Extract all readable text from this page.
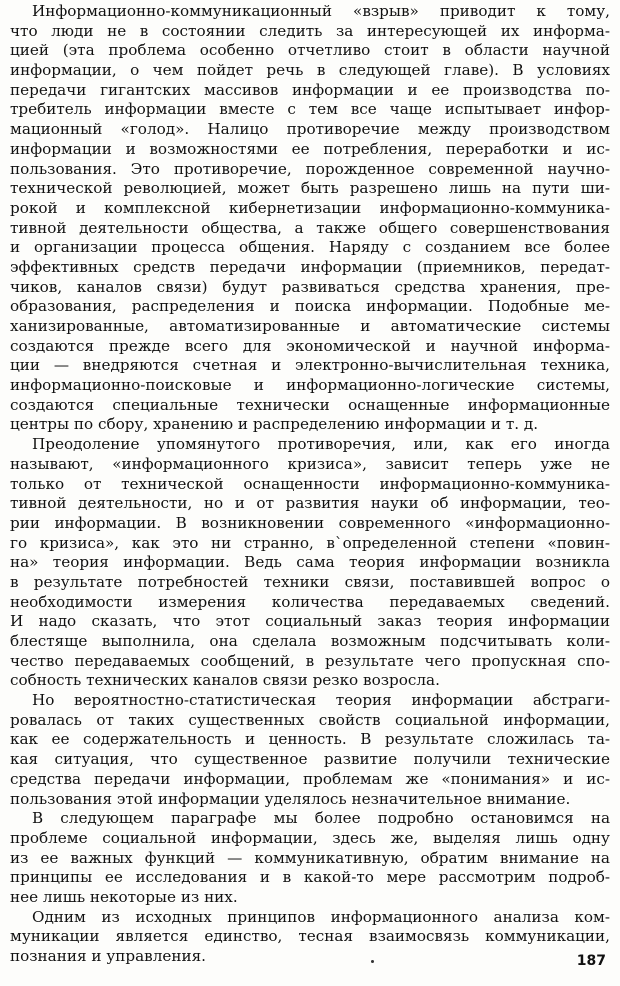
Информационно-коммуникационный «взрыв» приводит к тому,
что люди не в состоянии следить за интересующей их информа-
цией (эта проблема особенно отчетливо стоит в области научной
информации, о чем пойдет речь в следующей главе). В условиях
передачи гигантских массивов информации и ее производства по-
требитель информации вместе с тем все чаще испытывает инфор-
мационный «голод». Налицо противоречие между производством
информации и возможностями ее потребления, переработки и ис-
пользования. Это противоречие, порожденное современной научно-
технической революцией, может быть разрешено лишь на пути ши-
рокой и комплексной кибернетизации информационно-коммуника-
тивной деятельности общества, а также общего совершенствования
и организации процесса общения. Наряду с созданием все более
эффективных средств передачи информации (приемников, передат-
чиков, каналов связи) будут развиваться средства хранения, пре-
образования, распределения и поиска информации. Подобные ме-
ханизированные, автоматизированные и автоматические системы
создаются прежде всего для экономической и научной информа-
ции — внедряются счетная и электронно-вычислительная техника,
информационно-поисковые и информационно-логические системы,
создаются специальные технически оснащенные информационные
центры по сбору, хранению и распределению информации и т. д.
Преодоление упомянутого противоречия, или, как его иногда
называют, «информационного кризиса», зависит теперь уже не
только от технической оснащенности информационно-коммуника-
тивной деятельности, но и от развития науки об информации, тео-
рии информации. В возникновении современного «информационно-
го кризиса», как это ни странно, в`определенной степени «повин-
на» теория информации. Ведь сама теория информации возникла
в результате потребностей техники связи, поставившей вопрос о
необходимости измерения количества передаваемых сведений.
И надо сказать, что этот социальный заказ теория информации
блестяще выполнила, она сделала возможным подсчитывать коли-
чество передаваемых сообщений, в результате чего пропускная спо-
собность технических каналов связи резко возросла.
Но вероятностно-статистическая теория информации абстраги-
ровалась от таких существенных свойств социальной информации,
как ее содержательность и ценность. В результате сложилась та-
кая ситуация, что существенное развитие получили технические
средства передачи информации, проблемам же «понимания» и ис-
пользования этой информации уделялось незначительное внимание.
В следующем параграфе мы более подробно остановимся на
проблеме социальной информации, здесь же, выделяя лишь одну
из ее важных функций — коммуникативную, обратим внимание на
принципы ее исследования и в какой-то мере рассмотрим подроб-
нее лишь некоторые из них.
Одним из исходных принципов информационного анализа ком-
муникации является единство, тесная взаимосвязь коммуникации,
познания и управления.	187
